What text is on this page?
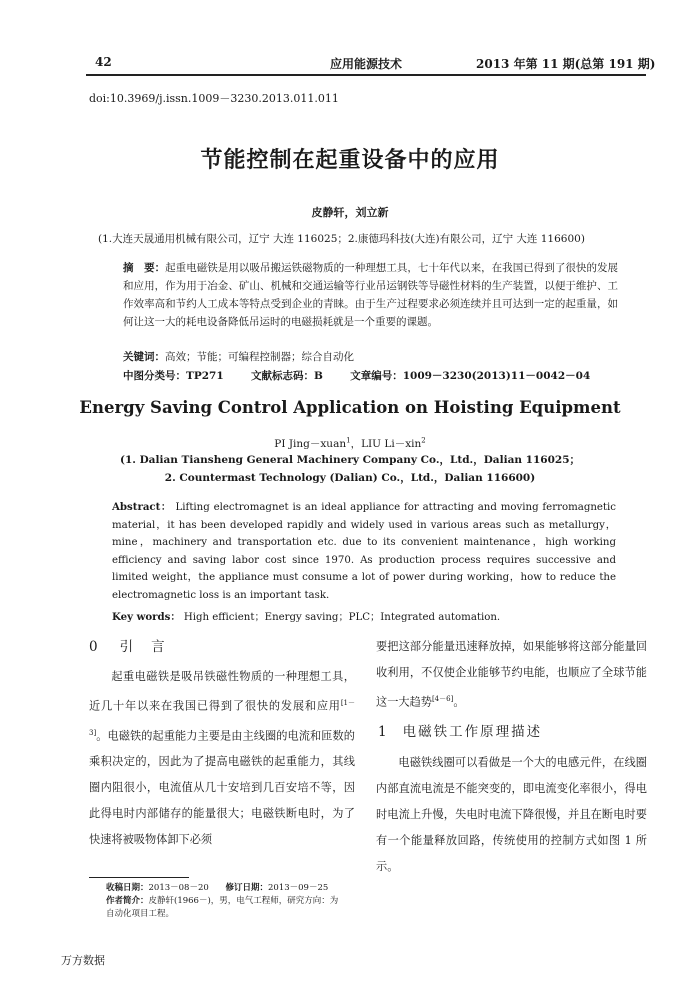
42	应用能源技术	2013 年第 11 期(总第 191 期)
doi:10.3969/j.issn.1009－3230.2013.011.011
节能控制在起重设备中的应用
皮静轩，刘立新
(1.大连天晟通用机械有限公司，辽宁 大连 116025；2.康德玛科技(大连)有限公司，辽宁 大连 116600)
摘　要：起重电磁铁是用以吸吊搬运铁磁物质的一种理想工具，七十年代以来，在我国已得到了很快的发展和应用，作为用于冶金、矿山、机械和交通运输等行业吊运钢铁等导磁性材料的生产装置，以便于维护、工作效率高和节约人工成本等特点受到企业的青睐。由于生产过程要求必须连续并且可达到一定的起重量，如何让这一大的耗电设备降低吊运时的电磁损耗就是一个重要的课题。
关键词：高效；节能；可编程控制器；综合自动化
中图分类号：TP271	文献标志码：B	文章编号：1009－3230(2013)11－0042－04
Energy Saving Control Application on Hoisting Equipment
PI Jing－xuan$^1$，LIU Li－xin$^2$
(1. Dalian Tiansheng General Machinery Company Co.，Ltd.，Dalian 116025；
2. Countermast Technology (Dalian) Co.，Ltd.，Dalian 116600)
Abstract： Lifting electromagnet is an ideal appliance for attracting and moving ferromagnetic material，it has been developed rapidly and widely used in various areas such as metallurgy，mine，machinery and transportation etc. due to its convenient maintenance，high working efficiency and saving labor cost since 1970. As production process requires successive and limited weight，the appliance must consume a lot of power during working，how to reduce the electromagnetic loss is an important task.
Key words： High efficient；Energy saving；PLC；Integrated automation.
0 引言
起重电磁铁是吸吊铁磁性物质的一种理想工具，近几十年以来在我国已得到了很快的发展和应用[1－3]。电磁铁的起重能力主要是由主线圈的电流和匝数的乘积决定的，因此为了提高电磁铁的起重能力，其线圈内阻很小，电流值从几十安培到几百安培不等，因此得电时内部储存的能量很大；电磁铁断电时，为了快速将被吸物体卸下必须
要把这部分能量迅速释放掉，如果能够将这部分能量回收利用，不仅使企业能够节约电能，也顺应了全球节能这一大趋势[4－6]。
1 电磁铁工作原理描述
电磁铁线圈可以看做是一个大的电感元件，在线圈内部直流电流是不能突变的，即电流变化率很小，得电时电流上升慢，失电时电流下降很慢，并且在断电时要有一个能量释放回路，传统使用的控制方式如图 1 所示。
收稿日期：2013－08－20 修订日期：2013－09－25
作者简介：皮静轩(1966－)，男，电气工程师，研究方向：为自动化项目工程。
万方数据
